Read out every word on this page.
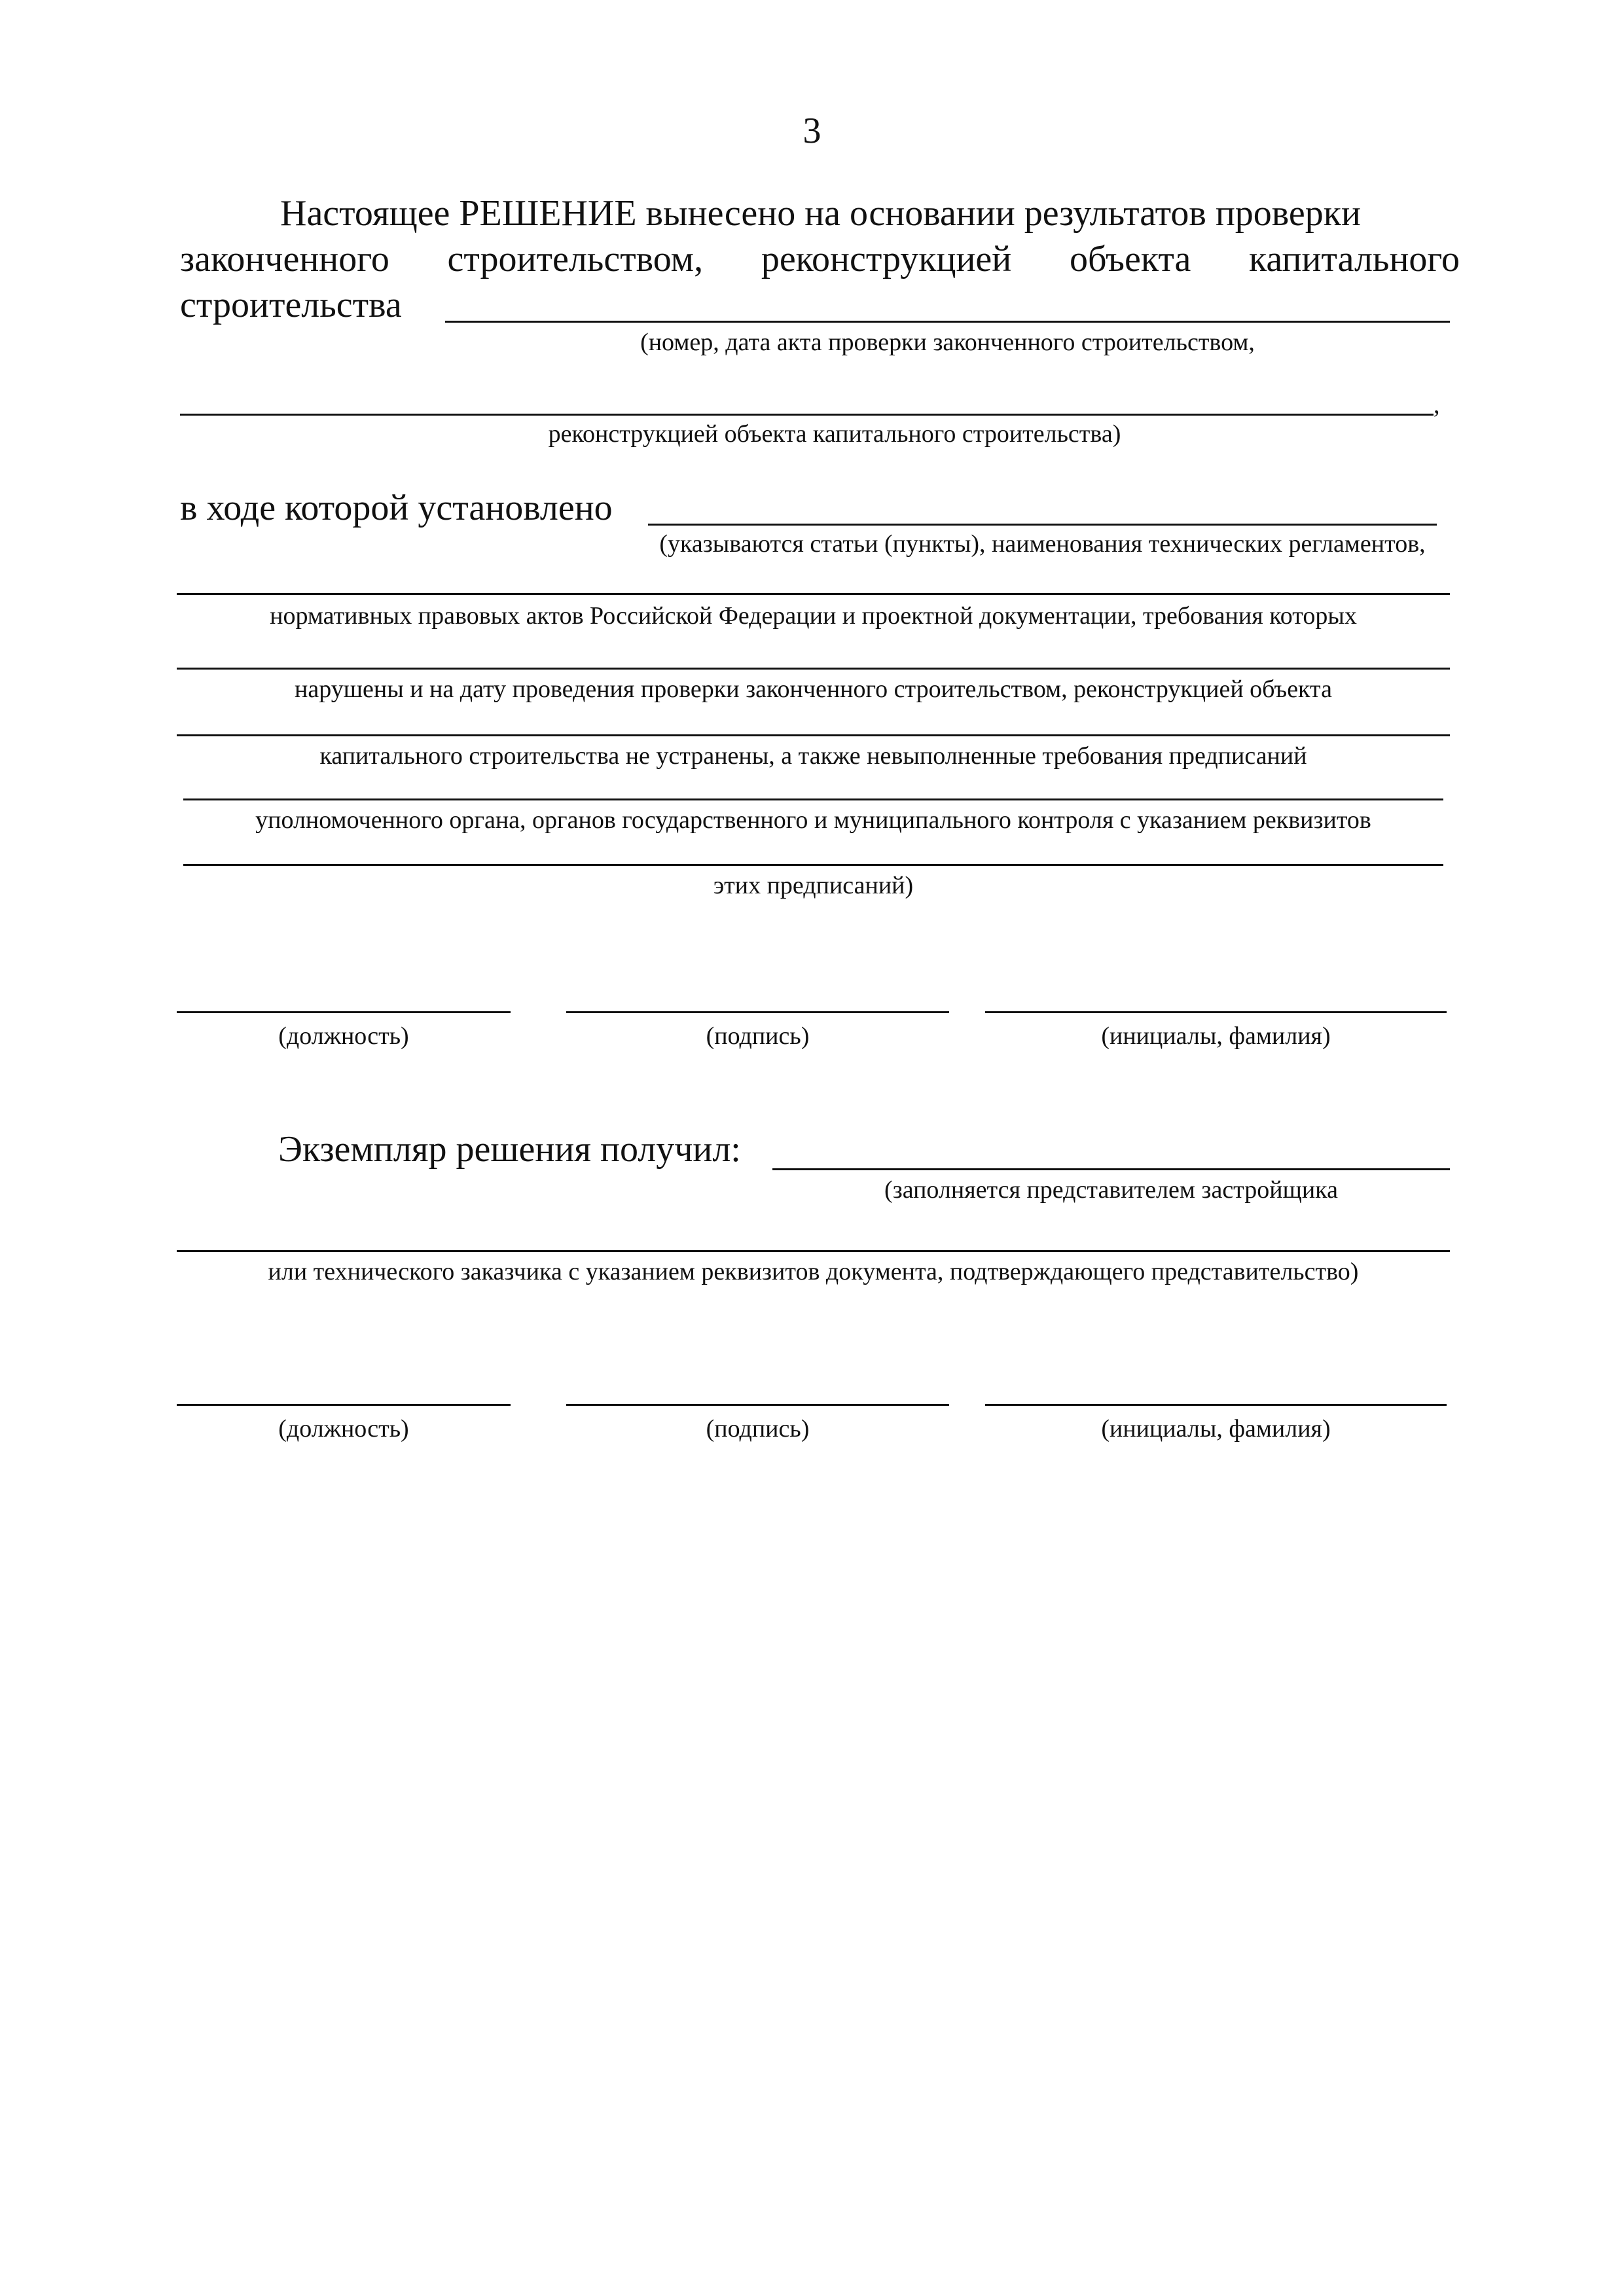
3
Настоящее РЕШЕНИЕ вынесено на основании результатов проверки
законченного строительством, реконструкцией объекта капитального
строительства
(номер, дата акта проверки законченного строительством,
,
реконструкцией объекта капитального строительства)
в ходе которой установлено
(указываются статьи (пункты), наименования технических регламентов,
нормативных правовых актов Российской Федерации и проектной документации, требования которых
нарушены и на дату проведения проверки законченного строительством, реконструкцией объекта
капитального строительства не устранены, а также невыполненные требования предписаний
уполномоченного органа, органов государственного и муниципального контроля с указанием реквизитов
этих предписаний)
(должность)	(подпись)	(инициалы, фамилия)
Экземпляр решения получил:
(заполняется представителем застройщика
или технического заказчика с указанием реквизитов документа, подтверждающего представительство)
(должность)	(подпись)	(инициалы, фамилия)
